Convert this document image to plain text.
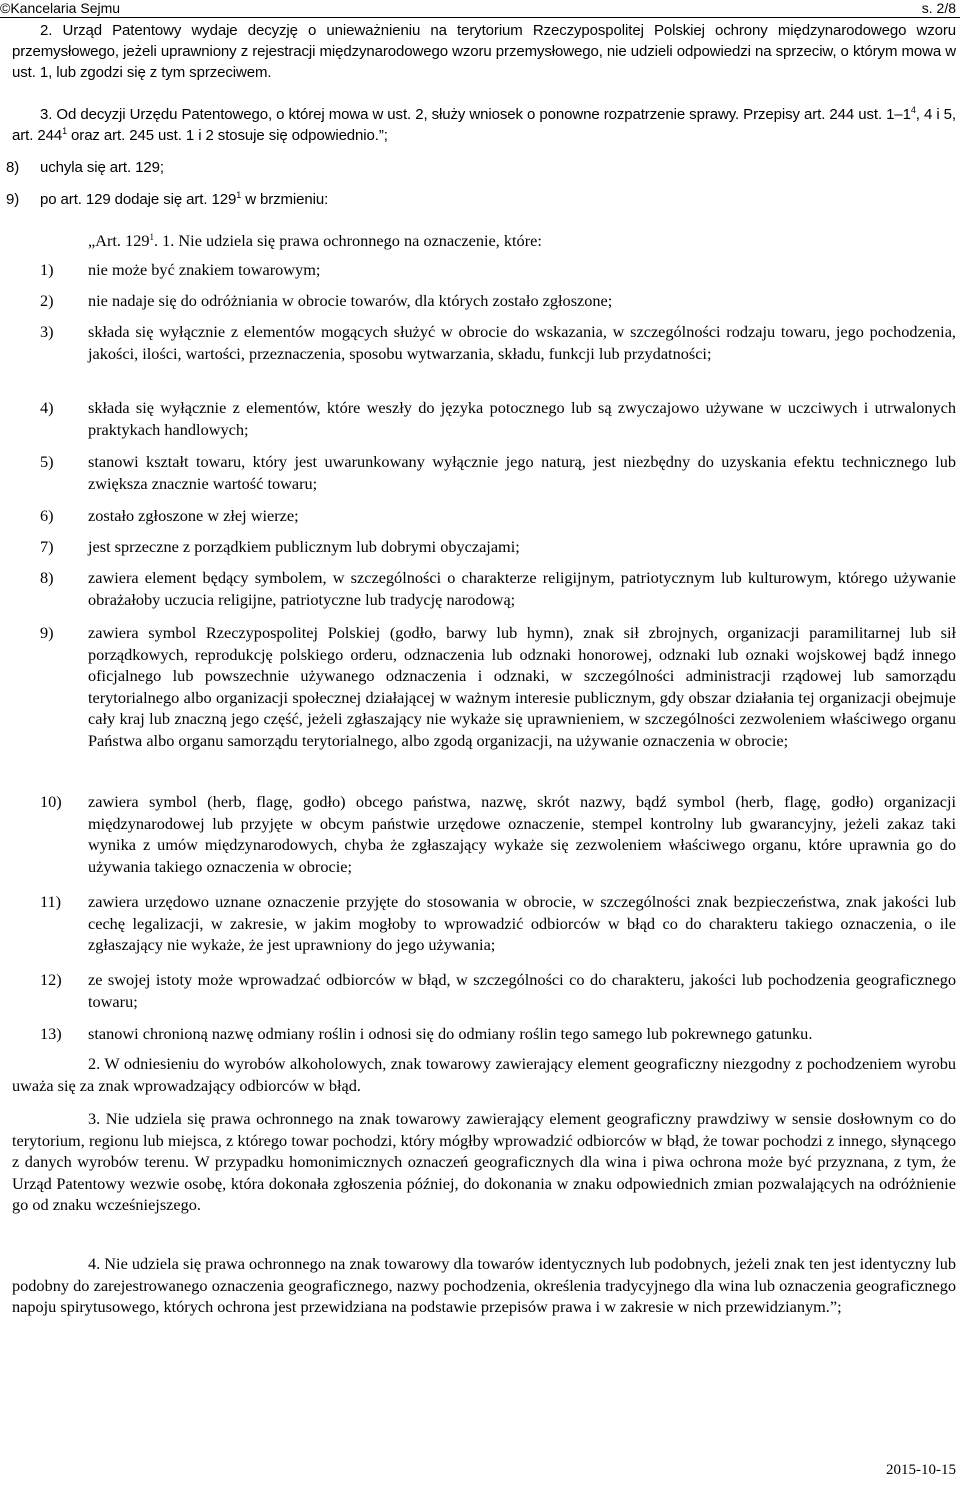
©Kancelaria Sejmu	s. 2/8
2. Urząd Patentowy wydaje decyzję o unieważnieniu na terytorium Rzeczypospolitej Polskiej ochrony międzynarodowego wzoru przemysłowego, jeżeli uprawniony z rejestracji międzynarodowego wzoru przemysłowego, nie udzieli odpowiedzi na sprzeciw, o którym mowa w ust. 1, lub zgodzi się z tym sprzeciwem.
3. Od decyzji Urzędu Patentowego, o której mowa w ust. 2, służy wniosek o ponowne rozpatrzenie sprawy. Przepisy art. 244 ust. $1-1^4$, 4 i 5, art. $244^1$ oraz art. 245 ust. 1 i 2 stosuje się odpowiednio.”;
8) uchyla się art. 129;
9) po art. 129 dodaje się art. $129^1$ w brzmieniu:
„Art. $129^1$. 1. Nie udziela się prawa ochronnego na oznaczenie, które:
1) nie może być znakiem towarowym;
2) nie nadaje się do odróżniania w obrocie towarów, dla których zostało zgłoszone;
3) składa się wyłącznie z elementów mogących służyć w obrocie do wskazania, w szczególności rodzaju towaru, jego pochodzenia, jakości, ilości, wartości, przeznaczenia, sposobu wytwarzania, składu, funkcji lub przydatności;
4) składa się wyłącznie z elementów, które weszły do języka potocznego lub są zwyczajowo używane w uczciwych i utrwalonych praktykach handlowych;
5) stanowi kształt towaru, który jest uwarunkowany wyłącznie jego naturą, jest niezbędny do uzyskania efektu technicznego lub zwiększa znacznie wartość towaru;
6) zostało zgłoszone w złej wierze;
7) jest sprzeczne z porządkiem publicznym lub dobrymi obyczajami;
8) zawiera element będący symbolem, w szczególności o charakterze religijnym, patriotycznym lub kulturowym, którego używanie obrażałoby uczucia religijne, patriotyczne lub tradycję narodową;
9) zawiera symbol Rzeczypospolitej Polskiej (godło, barwy lub hymn), znak sił zbrojnych, organizacji paramilitarnej lub sił porządkowych, reprodukcję polskiego orderu, odznaczenia lub odznaki honorowej, odznaki lub oznaki wojskowej bądź innego oficjalnego lub powszechnie używanego odznaczenia i odznaki, w szczególności administracji rządowej lub samorządu terytorialnego albo organizacji społecznej działającej w ważnym interesie publicznym, gdy obszar działania tej organizacji obejmuje cały kraj lub znaczną jego część, jeżeli zgłaszający nie wykaże się uprawnieniem, w szczególności zezwoleniem właściwego organu Państwa albo organu samorządu terytorialnego, albo zgodą organizacji, na używanie oznaczenia w obrocie;
10) zawiera symbol (herb, flagę, godło) obcego państwa, nazwę, skrót nazwy, bądź symbol (herb, flagę, godło) organizacji międzynarodowej lub przyjęte w obcym państwie urzędowe oznaczenie, stempel kontrolny lub gwarancyjny, jeżeli zakaz taki wynika z umów międzynarodowych, chyba że zgłaszający wykaże się zezwoleniem właściwego organu, które uprawnia go do używania takiego oznaczenia w obrocie;
11) zawiera urzędowo uznane oznaczenie przyjęte do stosowania w obrocie, w szczególności znak bezpieczeństwa, znak jakości lub cechę legalizacji, w zakresie, w jakim mogłoby to wprowadzić odbiorców w błąd co do charakteru takiego oznaczenia, o ile zgłaszający nie wykaże, że jest uprawniony do jego używania;
12) ze swojej istoty może wprowadzać odbiorców w błąd, w szczególności co do charakteru, jakości lub pochodzenia geograficznego towaru;
13) stanowi chronioną nazwę odmiany roślin i odnosi się do odmiany roślin tego samego lub pokrewnego gatunku.
2. W odniesieniu do wyrobów alkoholowych, znak towarowy zawierający element geograficzny niezgodny z pochodzeniem wyrobu uważa się za znak wprowadzający odbiorców w błąd.
3. Nie udziela się prawa ochronnego na znak towarowy zawierający element geograficzny prawdziwy w sensie dosłownym co do terytorium, regionu lub miejsca, z którego towar pochodzi, który mógłby wprowadzić odbiorców w błąd, że towar pochodzi z innego, słynącego z danych wyrobów terenu. W przypadku homonimicznych oznaczeń geograficznych dla wina i piwa ochrona może być przyznana, z tym, że Urząd Patentowy wezwie osobę, która dokonała zgłoszenia później, do dokonania w znaku odpowiednich zmian pozwalających na odróżnienie go od znaku wcześniejszego.
4. Nie udziela się prawa ochronnego na znak towarowy dla towarów identycznych lub podobnych, jeżeli znak ten jest identyczny lub podobny do zarejestrowanego oznaczenia geograficznego, nazwy pochodzenia, określenia tradycyjnego dla wina lub oznaczenia geograficznego napoju spirytusowego, których ochrona jest przewidziana na podstawie przepisów prawa i w zakresie w nich przewidzianym.”;
2015-10-15
